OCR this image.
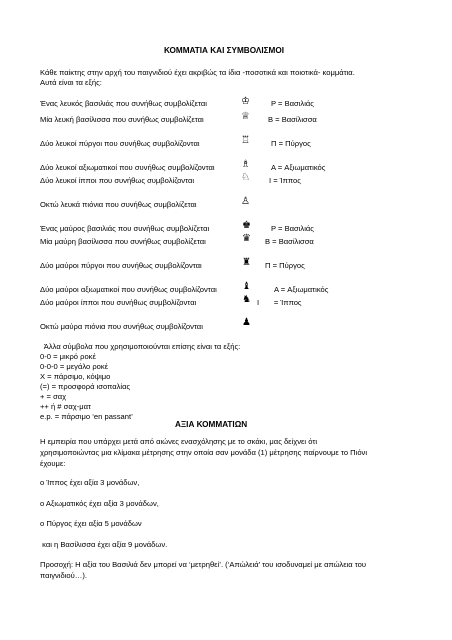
ΚΟΜΜΑΤΙΑ ΚΑΙ ΣΥΜΒΟΛΙΣΜΟΙ
Κάθε παίκτης στην αρχή του παιγνιδιού έχει ακριβώς τα ίδια -ποσοτικά και ποιοτικά- κομμάτια.
Αυτά είναι τα εξής:
Ένας λευκός βασιλιάς που συνήθως συμβολίζεται	♔	P = Βασιλιάς
Μία λευκή βασίλισσα που συνήθως συμβολίζεται	♕ B = Βασίλισσα
Δύο λευκοί πύργοι που συνήθως συμβολίζονται	♖	Π = Πύργος
Δύο λευκοί αξιωματικοί που συνήθως συμβολίζονται	♗	A = Αξιωματικός
Δύο λευκοί ίπποι που συνήθως συμβολίζονται	♘	I = Ίππος
Οκτώ λευκά πιόνια που συνήθως συμβολίζεται	♙
Ένας μαύρος βασιλιάς που συνήθως συμβολίζεται	♚	P = Βασιλιάς
Μία μαύρη βασίλισσα που συνήθως συμβολίζεται	♛ B = Βασίλισσα
Δύο μαύροι πύργοι που συνήθως συμβολίζονται	♜ Π = Πύργος
Δύο μαύροι αξιωματικοί που συνήθως συμβολίζονται	♝	A = Αξιωματικός
Δύο μαύροι ίπποι που συνήθως συμβολίζονται	♞ I       = Ίππος
Οκτώ μαύρα πιόνια που συνήθως συμβολίζονται	♟
Άλλα σύμβολα που χρησιμοποιούνται επίσης είναι τα εξής:
0-0 = μικρό ροκέ
0-0-0 = μεγάλο ροκέ
X = πάρσιμο, κόψιμο
(=) = προσφορά ισοπαλίας
+ = σαχ
++ ή # σαχ-ματ
e.p. = πάρσιμο ‘en passant’
ΑΞΙΑ ΚΟΜΜΑΤΙΩΝ
Η εμπειρία που υπάρχει μετά από αιώνες ενασχόλησης με το σκάκι, μας δείχνει ότι
χρησιμοποιώντας μια κλίμακα μέτρησης στην οποία σαν μονάδα (1) μέτρησης παίρνουμε το Πιόνι
έχουμε:
ο Ίππος έχει αξία 3 μονάδων,
ο Αξιωματικός έχει αξία 3 μονάδων,
ο Πύργος έχει αξία 5 μονάδων
και η Βασίλισσα έχει αξία 9 μονάδων.
Προσοχή: Η αξία του Βασιλιά δεν μπορεί να ‘μετρηθεί’. (‘Απώλειά’ του ισοδυναμεί με απώλεια του
παιγνιδιού…).
